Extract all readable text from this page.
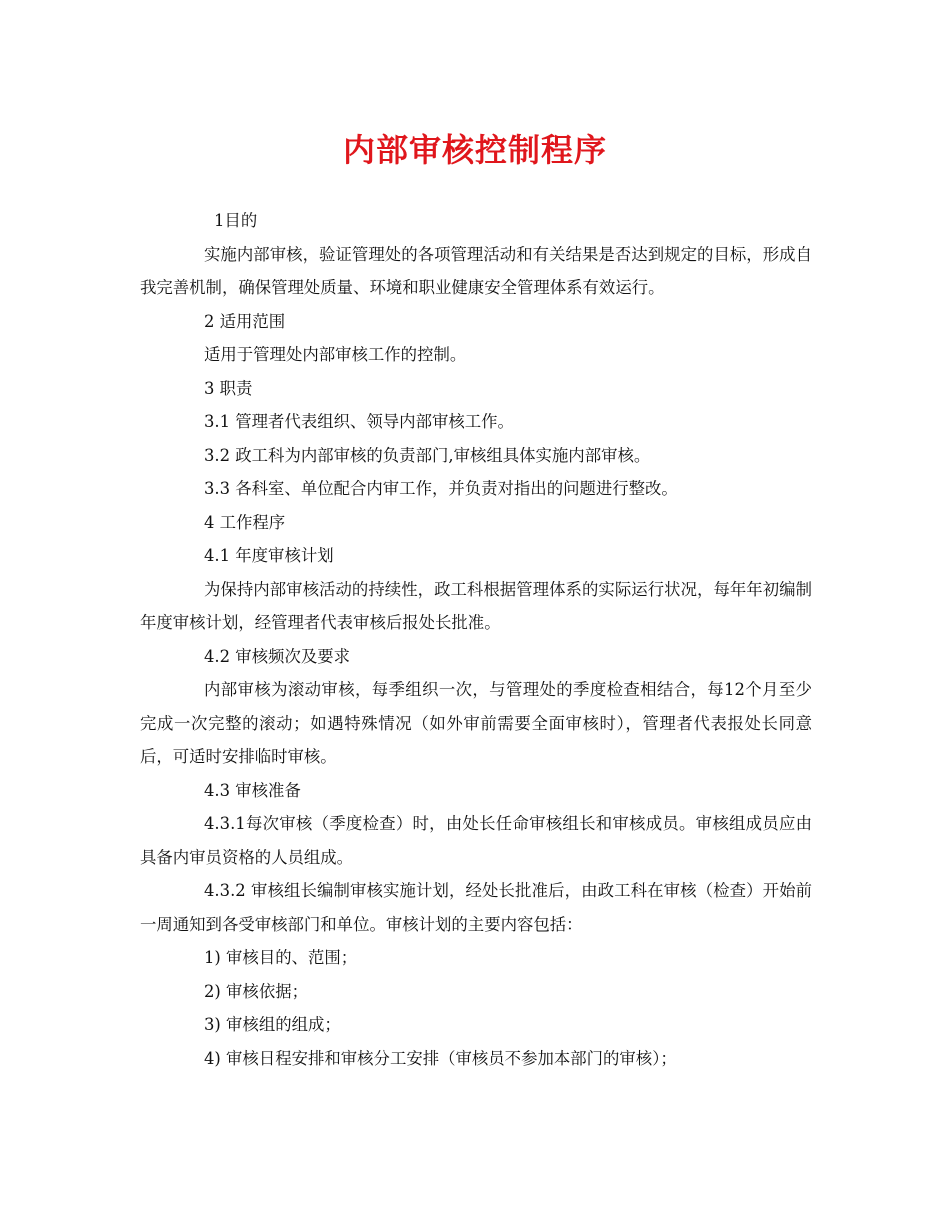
内部审核控制程序

1目的

实施内部审核，验证管理处的各项管理活动和有关结果是否达到规定的目标，形成自我完善机制，确保管理处质量、环境和职业健康安全管理体系有效运行。

2 适用范围

适用于管理处内部审核工作的控制。

3 职责

3.1 管理者代表组织、领导内部审核工作。

3.2 政工科为内部审核的负责部门,审核组具体实施内部审核。

3.3 各科室、单位配合内审工作，并负责对指出的问题进行整改。

4 工作程序

4.1 年度审核计划

为保持内部审核活动的持续性，政工科根据管理体系的实际运行状况，每年年初编制年度审核计划，经管理者代表审核后报处长批准。

4.2 审核频次及要求

内部审核为滚动审核，每季组织一次，与管理处的季度检查相结合，每12个月至少完成一次完整的滚动；如遇特殊情况（如外审前需要全面审核时），管理者代表报处长同意后，可适时安排临时审核。

4.3 审核准备

4.3.1每次审核（季度检查）时，由处长任命审核组长和审核成员。审核组成员应由具备内审员资格的人员组成。

4.3.2 审核组长编制审核实施计划，经处长批准后，由政工科在审核（检查）开始前一周通知到各受审核部门和单位。审核计划的主要内容包括：

1) 审核目的、范围；

2) 审核依据；

3) 审核组的组成；

4) 审核日程安排和审核分工安排（审核员不参加本部门的审核）；
